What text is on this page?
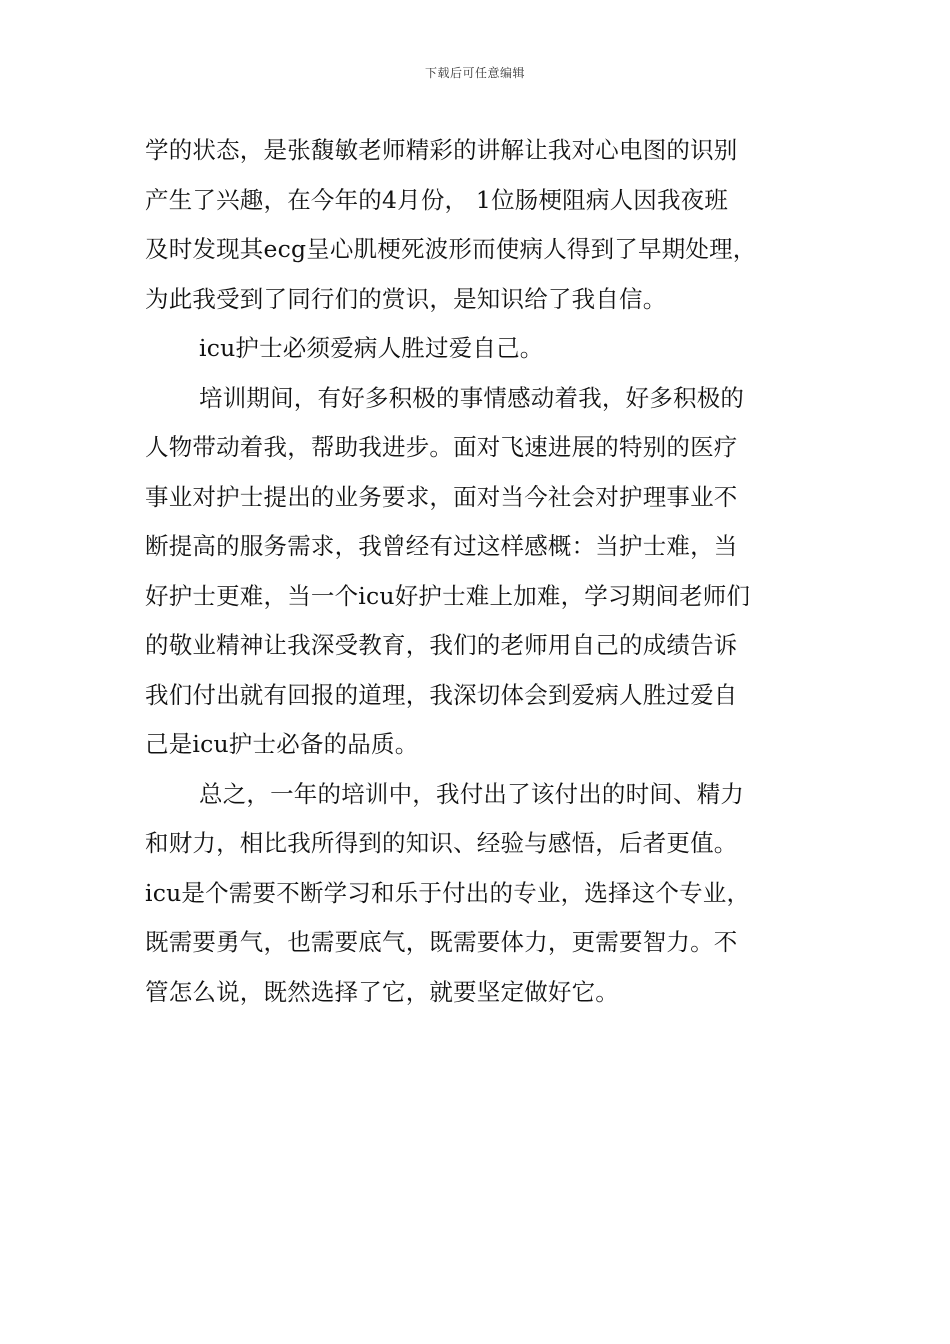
下载后可任意编辑
学的状态，是张馥敏老师精彩的讲解让我对心电图的识别
产生了兴趣，在今年的4月份， 1位肠梗阻病人因我夜班
及时发现其ecg呈心肌梗死波形而使病人得到了早期处理，
为此我受到了同行们的赏识，是知识给了我自信。
icu护士必须爱病人胜过爱自己。
培训期间，有好多积极的事情感动着我，好多积极的
人物带动着我，帮助我进步。面对飞速进展的特别的医疗
事业对护士提出的业务要求，面对当今社会对护理事业不
断提高的服务需求，我曾经有过这样感概：当护士难，当
好护士更难，当一个icu好护士难上加难，学习期间老师们
的敬业精神让我深受教育，我们的老师用自己的成绩告诉
我们付出就有回报的道理，我深切体会到爱病人胜过爱自
己是icu护士必备的品质。
总之，一年的培训中，我付出了该付出的时间、精力
和财力，相比我所得到的知识、经验与感悟，后者更值。
icu是个需要不断学习和乐于付出的专业，选择这个专业，
既需要勇气，也需要底气，既需要体力，更需要智力。不
管怎么说，既然选择了它，就要坚定做好它。
